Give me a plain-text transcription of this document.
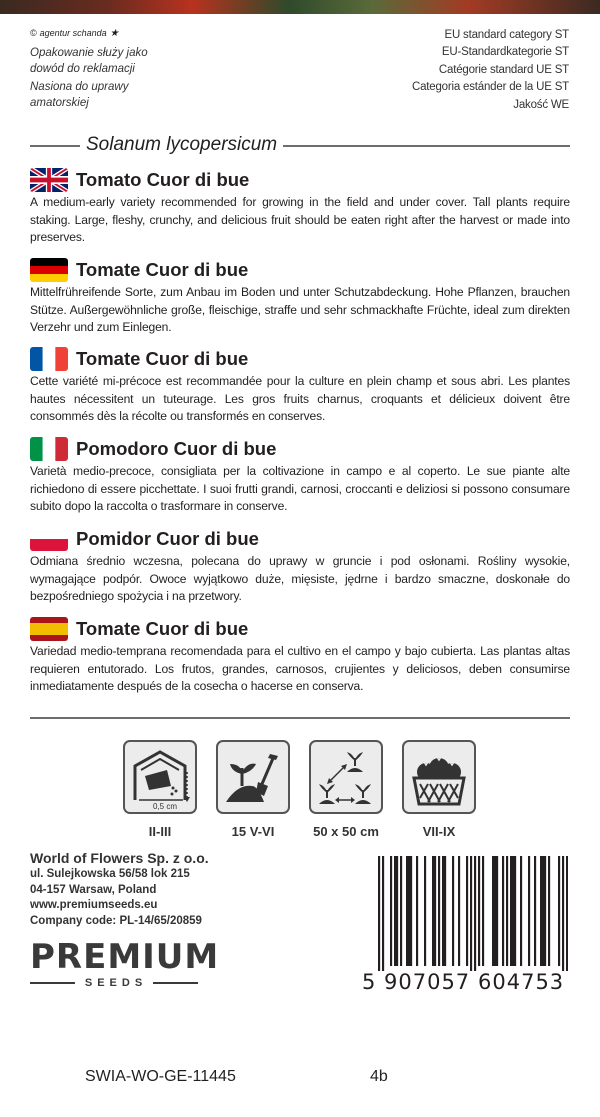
© agentur schanda ★
Opakowanie służy jako
dowód do reklamacji
Nasiona do uprawy
amatorskiej
EU standard category ST
EU-Standardkategorie ST
Catégorie standard UE ST
Categoria estánder de la UE ST
Jakość WE
Solanum lycopersicum
Tomato Cuor di bue
A medium-early variety recommended for growing in the field and under cover. Tall plants require staking. Large, fleshy, crunchy, and delicious fruit should be eaten right after the harvest or made into preserves.
Tomate Cuor di bue
Mittelfrühreifende Sorte, zum Anbau im Boden und unter Schutzabdeckung. Hohe Pflanzen, brauchen Stütze. Außergewöhnliche große, fleischige, straffe und sehr schmackhafte Früchte, ideal zum direkten Verzehr und zum Einlegen.
Tomate Cuor di bue
Cette variété mi-précoce est recommandée pour la culture en plein champ et sous abri. Les plantes hautes nécessitent un tuteurage. Les gros fruits charnus, croquants et délicieux doivent être consommés dès la récolte ou transformés en conserves.
Pomodoro Cuor di bue
Varietà medio-precoce, consigliata per la coltivazione in campo e al coperto. Le sue piante alte richiedono di essere picchettate. I suoi frutti grandi, carnosi, croccanti e deliziosi si possono consumare subito dopo la raccolta o trasformare in conserve.
Pomidor Cuor di bue
Odmiana średnio wczesna, polecana do uprawy w gruncie i pod osłonami. Rośliny wysokie, wymagające podpór. Owoce wyjątkowo duże, mięsiste, jędrne i bardzo smaczne, doskonałe do bezpośredniego spożycia i na przetwory.
Tomate Cuor di bue
Variedad medio-temprana recomendada para el cultivo en el campo y bajo cubierta. Las plantas altas requieren entutorado. Los frutos, grandes, carnosos, crujientes y deliciosos, deben consumirse inmediatamente después de la cosecha o hacerse en conserva.
0,5 cm
II-III	15 V-VI	50 x 50 cm	VII-IX
World of Flowers Sp. z o.o.
ul. Sulejkowska 56/58 lok 215
04-157 Warsaw, Poland
www.premiumseeds.eu
Company code: PL-14/65/20859
PREMIUM
SEEDS	5 907057 604753
SWIA-WO-GE-11445	4b
